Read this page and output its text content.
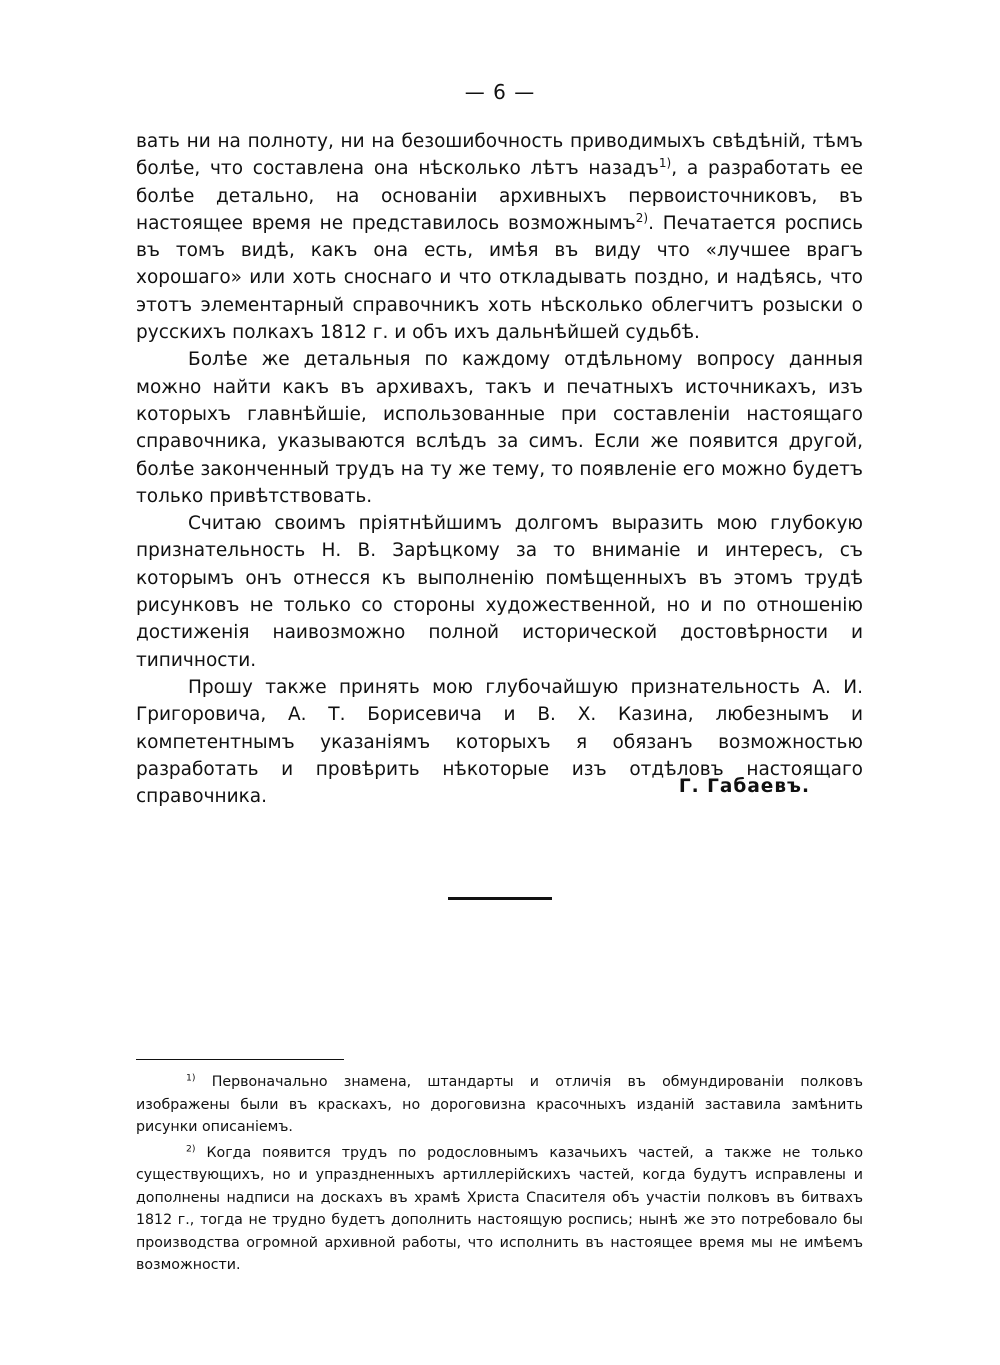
— 6 —

вать ни на полноту, ни на безошибочность приводимыхъ свѣдѣній, тѣмъ болѣе, что составлена она нѣсколько лѣтъ назадъ$^{1)}$, а разработать ее болѣе детально, на основаніи архивныхъ первоисточниковъ, въ настоящее время не представилось возможнымъ$^{2)}$. Печатается роспись въ томъ видѣ, какъ она есть, имѣя въ виду что «лучшее врагъ хорошаго» или хоть сноснаго и что откладывать поздно, и надѣясь, что этотъ элементарный справочникъ хоть нѣсколько облегчитъ розыски о русскихъ полкахъ 1812 г. и объ ихъ дальнѣйшей судьбѣ.

Болѣе же детальныя по каждому отдѣльному вопросу данныя можно найти какъ въ архивахъ, такъ и печатныхъ источникахъ, изъ которыхъ главнѣйшіе, использованные при составленіи настоящаго справочника, указываются вслѣдъ за симъ. Если же появится другой, болѣе законченный трудъ на ту же тему, то появленіе его можно будетъ только привѣтствовать.

Считаю своимъ пріятнѣйшимъ долгомъ выразить мою глубокую признательность Н. В. Зарѣцкому за то вниманіе и интересъ, съ которымъ онъ отнесся къ выполненію помѣщенныхъ въ этомъ трудѣ рисунковъ не только со стороны художественной, но и по отношенію достиженія наивозможно полной исторической достовѣрности и типичности.

Прошу также принять мою глубочайшую признательность А. И. Григоровича, А. Т. Борисевича и В. Х. Казина, любезнымъ и компетентнымъ указаніямъ которыхъ я обязанъ возможностью разработать и провѣрить нѣкоторые изъ отдѣловъ настоящаго справочника.	Г. Габаевъ.

$^{1)}$ Первоначально знамена, штандарты и отличія въ обмундированіи полковъ изображены были въ краскахъ, но дороговизна красочныхъ изданій заставила замѣнить рисунки описаніемъ.

$^{2)}$ Когда появится трудъ по родословнымъ казачьихъ частей, а также не только существующихъ, но и упраздненныхъ артиллерійскихъ частей, когда будутъ исправлены и дополнены надписи на доскахъ въ храмѣ Христа Спасителя объ участіи полковъ въ битвахъ 1812 г., тогда не трудно будетъ дополнить настоящую роспись; нынѣ же это потребовало бы производства огромной архивной работы, что исполнить въ настоящее время мы не имѣемъ возможности.
